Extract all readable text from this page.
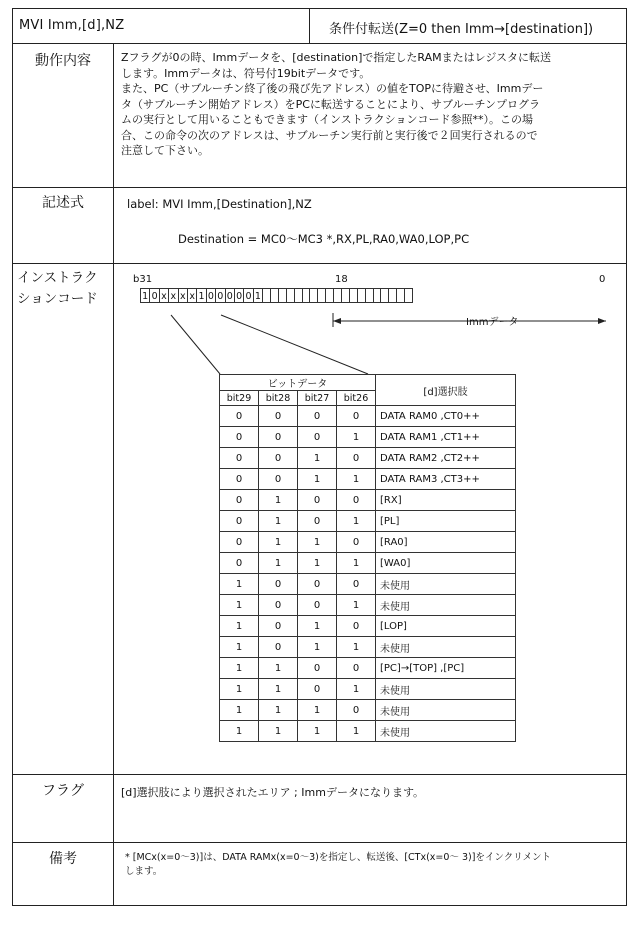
MVI Imm,[d],NZ	条件付転送(Z=0 then Imm→[destination])
動作内容	Zフラグが0の時、Immデータを、[destination]で指定したRAMまたはレジスタに転送
します。Immデータは、符号付19bitデータです。
また、PC（サブルーチン終了後の飛び先アドレス）の値をTOPに待避させ、Immデー
タ（サブルーチン開始アドレス）をPCに転送することにより、サブルーチンプログラ
ムの実行として用いることもできます（インストラクションコード参照**）。この場
合、この命令の次のアドレスは、サブルーチン実行前と実行後で２回実行されるので
注意して下さい。
記述式	label: MVI Imm,[Destination],NZ
Destination = MC0～MC3 *,RX,PL,RA0,WA0,LOP,PC
インストラク
ションコード
b31	18	0
1 0 x x x x 1 0 0 0 0 0 1
Immデータ
ビットデータ				[d]選択肢
bit29	bit28	bit27	bit26	
0	0	0	0	DATA RAM0 ,CT0++
0	0	0	1	DATA RAM1 ,CT1++
0	0	1	0	DATA RAM2 ,CT2++
0	0	1	1	DATA RAM3 ,CT3++
0	1	0	0	[RX]
0	1	0	1	[PL]
0	1	1	0	[RA0]
0	1	1	1	[WA0]
1	0	0	0	未使用
1	0	0	1	未使用
1	0	1	0	[LOP]
1	0	1	1	未使用
1	1	0	0	[PC]→[TOP] ,[PC]
1	1	0	1	未使用
1	1	1	0	未使用
1	1	1	1	未使用
フラグ	[d]選択肢により選択されたエリア ; Immデータになります。
備考	* [MCx(x=0～3)]は、DATA RAMx(x=0～3)を指定し、転送後、[CTx(x=0～ 3)]をインクリメント
します。
